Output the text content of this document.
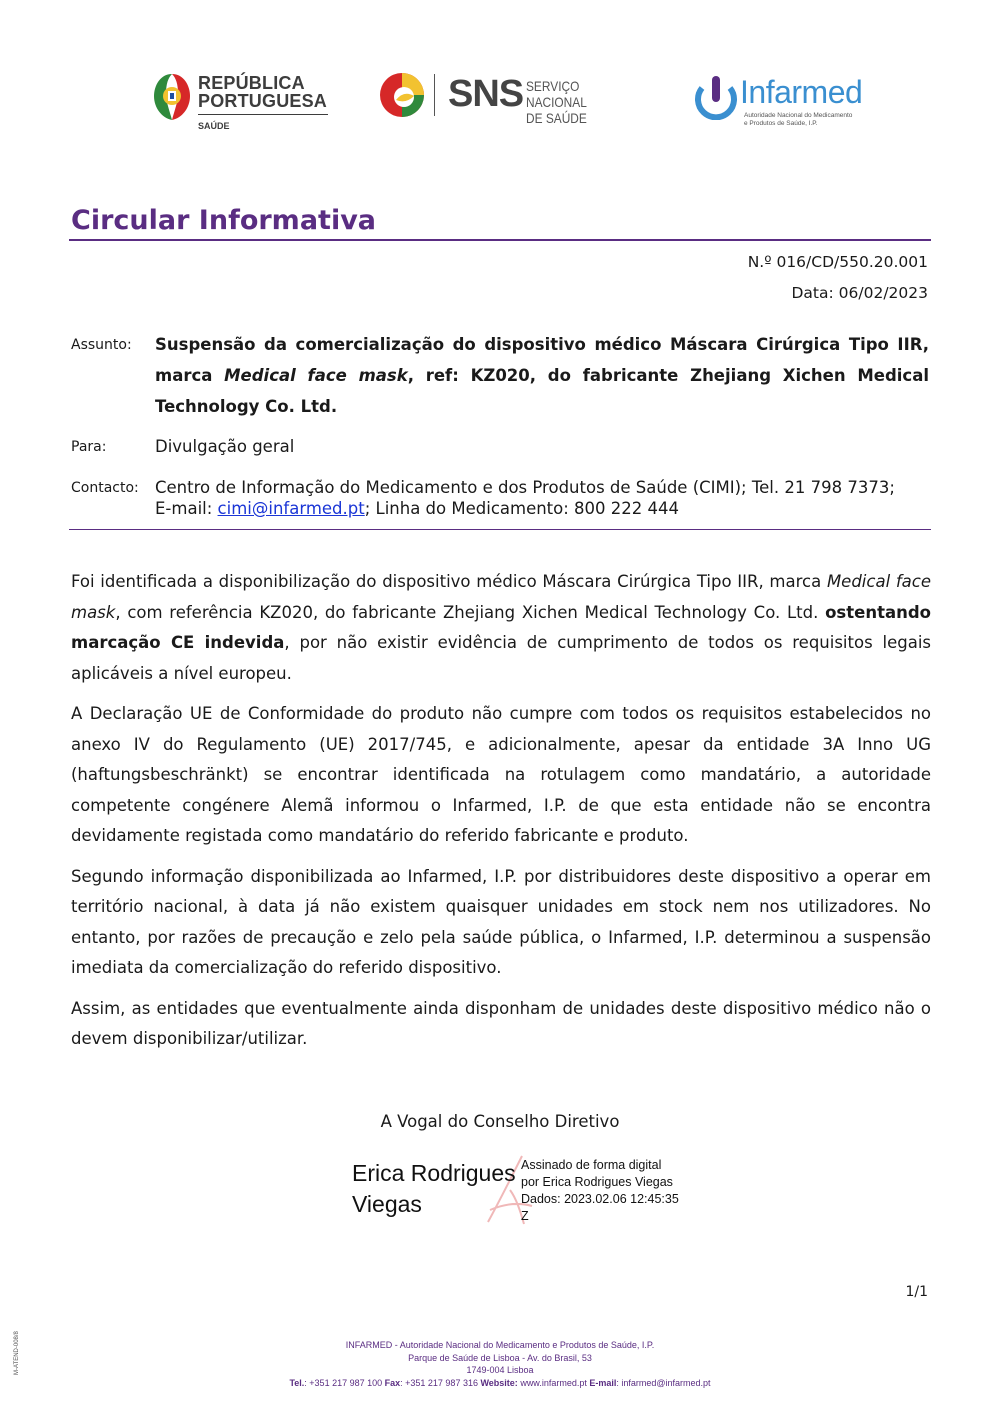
REPÚBLICA
PORTUGUESA
SAÚDE
SNS SERVIÇO NACIONAL
DE SAÚDE
Infarmed
Autoridade Nacional do Medicamento
e Produtos de Saúde, I.P.
Circular Informativa
N.º 016/CD/550.20.001
Data: 06/02/2023
Assunto: Suspensão da comercialização do dispositivo médico Máscara Cirúrgica Tipo IIR, marca Medical face mask, ref: KZ020, do fabricante Zhejiang Xichen Medical Technology Co. Ltd.
Para:	Divulgação geral
Contacto: Centro de Informação do Medicamento e dos Produtos de Saúde (CIMI); Tel. 21 798 7373;
E-mail: cimi@infarmed.pt; Linha do Medicamento: 800 222 444

Foi identificada a disponibilização do dispositivo médico Máscara Cirúrgica Tipo IIR, marca Medical face mask, com referência KZ020, do fabricante Zhejiang Xichen Medical Technology Co. Ltd. ostentando marcação CE indevida, por não existir evidência de cumprimento de todos os requisitos legais aplicáveis a nível europeu.

A Declaração UE de Conformidade do produto não cumpre com todos os requisitos estabelecidos no anexo IV do Regulamento (UE) 2017/745, e adicionalmente, apesar da entidade 3A Inno UG (haftungsbeschränkt) se encontrar identificada na rotulagem como mandatário, a autoridade competente congénere Alemã informou o Infarmed, I.P. de que esta entidade não se encontra devidamente registada como mandatário do referido fabricante e produto.

Segundo informação disponibilizada ao Infarmed, I.P. por distribuidores deste dispositivo a operar em território nacional, à data já não existem quaisquer unidades em stock nem nos utilizadores. No entanto, por razões de precaução e zelo pela saúde pública, o Infarmed, I.P. determinou a suspensão imediata da comercialização do referido dispositivo.

Assim, as entidades que eventualmente ainda disponham de unidades deste dispositivo médico não o devem disponibilizar/utilizar.

A Vogal do Conselho Diretivo
Erica Rodrigues
Viegas
Assinado de forma digital
por Erica Rodrigues Viegas
Dados: 2023.02.06 12:45:35
Z
1/1
M-ATEND-008/8	INFARMED - Autoridade Nacional do Medicamento e Produtos de Saúde, I.P.
Parque de Saúde de Lisboa - Av. do Brasil, 53
1749-004 Lisboa
Tel.: +351 217 987 100 Fax: +351 217 987 316 Website: www.infarmed.pt E-mail: infarmed@infarmed.pt
